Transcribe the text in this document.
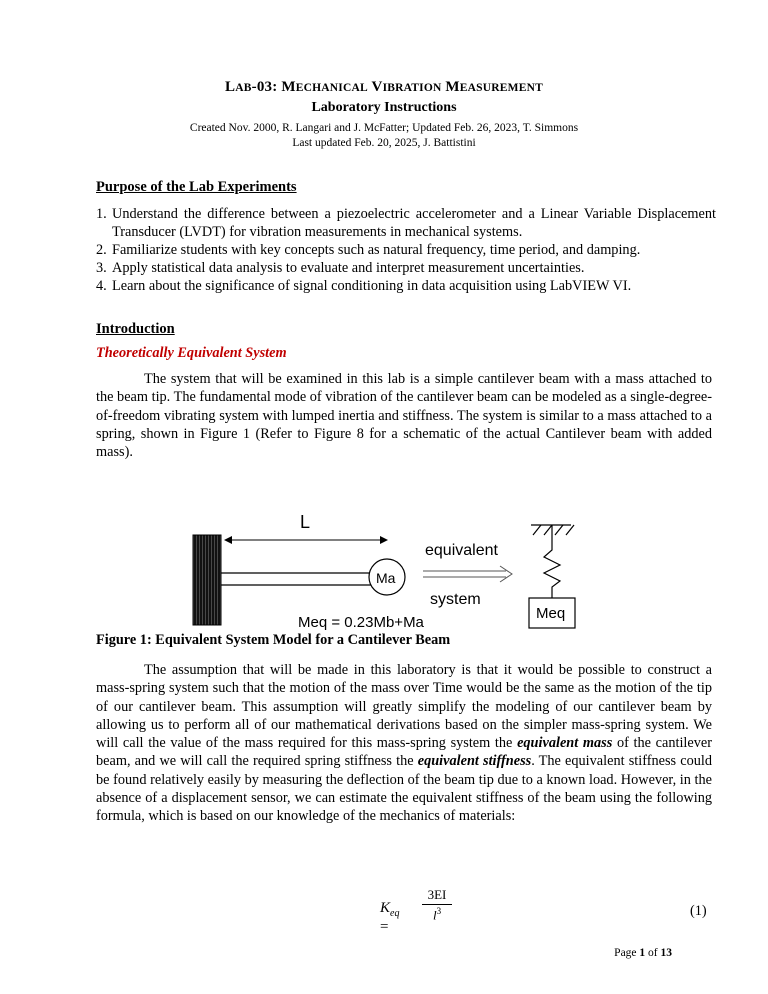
LAB-03: MECHANICAL VIBRATION MEASUREMENT
Laboratory Instructions
Created Nov. 2000, R. Langari and J. McFatter; Updated Feb. 26, 2023, T. Simmons
Last updated Feb. 20, 2025, J. Battistini
Purpose of the Lab Experiments
1. Understand the difference between a piezoelectric accelerometer and a Linear Variable Displacement Transducer (LVDT) for vibration measurements in mechanical systems.
2. Familiarize students with key concepts such as natural frequency, time period, and damping.
3. Apply statistical data analysis to evaluate and interpret measurement uncertainties.
4. Learn about the significance of signal conditioning in data acquisition using LabVIEW VI.
Introduction
Theoretically Equivalent System
The system that will be examined in this lab is a simple cantilever beam with a mass attached to the beam tip. The fundamental mode of vibration of the cantilever beam can be modeled as a single-degree-of-freedom vibrating system with lumped inertia and stiffness. The system is similar to a mass attached to a spring, shown in Figure 1 (Refer to Figure 8 for a schematic of the actual Cantilever beam with added mass).
L
Ma
Meq = 0.23Mb+Ma
equivalent
system
Meq
Figure 1: Equivalent System Model for a Cantilever Beam
The assumption that will be made in this laboratory is that it would be possible to construct a mass-spring system such that the motion of the mass over Time would be the same as the motion of the tip of our cantilever beam. This assumption will greatly simplify the modeling of our cantilever beam by allowing us to perform all of our mathematical derivations based on the simpler mass-spring system. We will call the value of the mass required for this mass-spring system the equivalent mass of the cantilever beam, and we will call the required spring stiffness the equivalent stiffness. The equivalent stiffness could be found relatively easily by measuring the deflection of the beam tip due to a known load. However, in the absence of a displacement sensor, we can estimate the equivalent stiffness of the beam using the following formula, which is based on our knowledge of the mechanics of materials:
$K_{eq}$ =
3EI
$l^3$	(1)
Page 1 of 13
